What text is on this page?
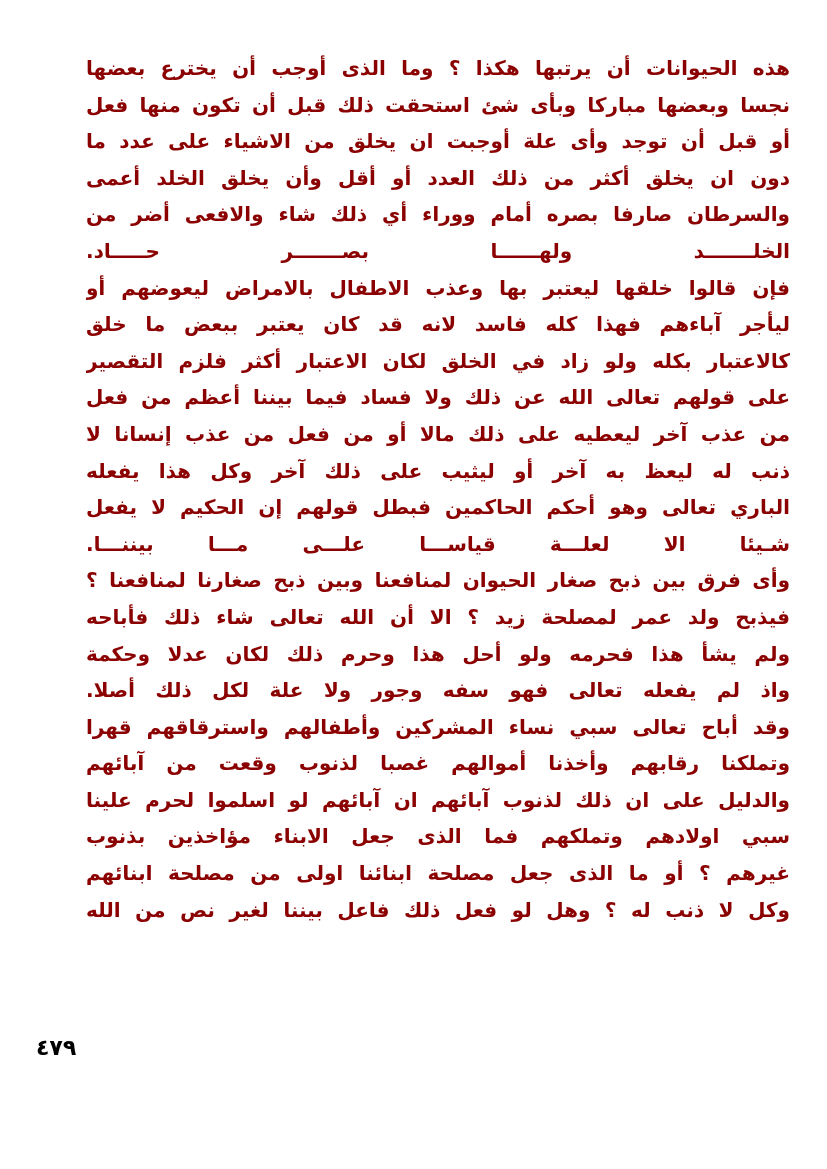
هذه الحيوانات أن يرتبها هكذا ؟ وما الذى أوجب أن يخترع بعضها
نجسا وبعضها مباركا وبأى شئ استحقت ذلك قبل أن تكون منها فعل
أو قبل أن توجد وأى علة أوجبت ان يخلق من الاشياء على عدد ما
دون ان يخلق أكثر من ذلك العدد أو أقل وأن يخلق الخلد أعمى
والسرطان صارفا بصره أمام ووراء أي ذلك شاء والافعى أضر من
الخلـــــــد ولهــــــا بصـــــــر حـــــاد.
فإن قالوا خلقها ليعتبر بها وعذب الاطفال بالامراض ليعوضهم أو
ليأجر آباءهم فهذا كله فاسد لانه قد كان يعتبر ببعض ما خلق
كالاعتبار بكله ولو زاد في الخلق لكان الاعتبار أكثر فلزم التقصير
على قولهم تعالى الله عن ذلك ولا فساد فيما بيننا أعظم من فعل
من عذب آخر ليعطيه على ذلك مالا أو من فعل من عذب إنسانا لا
ذنب له ليعظ به آخر أو ليثيب على ذلك آخر وكل هذا يفعله
الباري تعالى وهو أحكم الحاكمين فبطل قولهم إن الحكيم لا يفعل
شـيئا الا لعلـــة قياســـا علـــى مـــا بيننـــا.
وأى فرق بين ذبح صغار الحيوان لمنافعنا وبين ذبح صغارنا لمنافعنا ؟
فيذبح ولد عمر لمصلحة زيد ؟ الا أن الله تعالى شاء ذلك فأباحه
ولم يشأ هذا فحرمه ولو أحل هذا وحرم ذلك لكان عدلا وحكمة
واذ لم يفعله تعالى فهو سفه وجور ولا علة لكل ذلك أصلا.
وقد أباح تعالى سبي نساء المشركين وأطفالهم واسترقاقهم قهرا
وتملكنا رقابهم وأخذنا أموالهم غصبا لذنوب وقعت من آبائهم
والدليل على ان ذلك لذنوب آبائهم ان آبائهم لو اسلموا لحرم علينا
سبي اولادهم وتملكهم فما الذى جعل الابناء مؤاخذين بذنوب
غيرهم ؟ أو ما الذى جعل مصلحة ابنائنا اولى من مصلحة ابنائهم
وكل لا ذنب له ؟ وهل لو فعل ذلك فاعل بيننا لغير نص من الله
٤٧٩
